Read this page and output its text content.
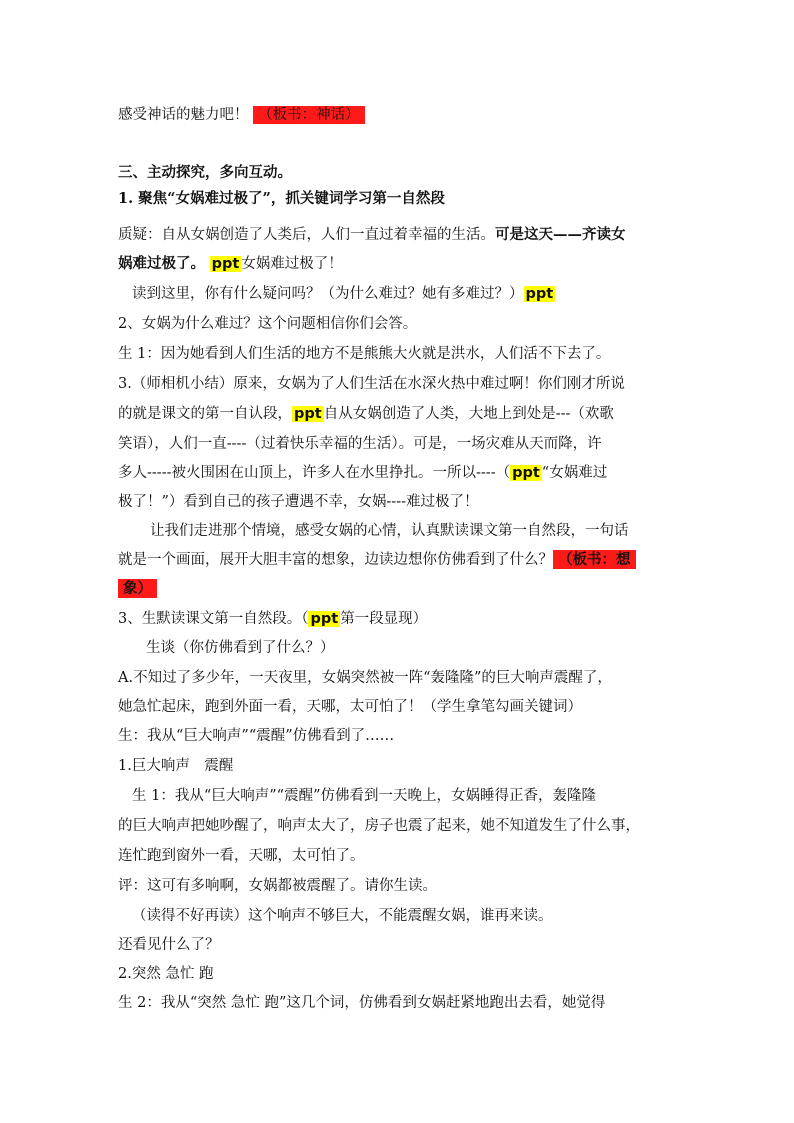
感受神话的魅力吧！ （板书：神话）
三、主动探究，多向互动。
1. 聚焦“女娲难过极了”，抓关键词学习第一自然段
质疑：自从女娲创造了人类后，人们一直过着幸福的生活。可是这天——齐读女
娲难过极了。 ppt 女娲难过极了！
读到这里，你有什么疑问吗？（为什么难过？她有多难过？） ppt
2、女娲为什么难过？这个问题相信你们会答。
生 1：因为她看到人们生活的地方不是熊熊大火就是洪水，人们活不下去了。
3.（师相机小结）原来，女娲为了人们生活在水深火热中难过啊！你们刚才所说
的就是课文的第一自认段， ppt 自从女娲创造了人类，大地上到处是---（欢歌
笑语），人们一直----（过着快乐幸福的生活）。可是，一场灾难从天而降，许
多人-----被火围困在山顶上，许多人在水里挣扎。一所以----（ ppt “女娲难过
极了！”）看到自己的孩子遭遇不幸，女娲----难过极了！
让我们走进那个情境，感受女娲的心情，认真默读课文第一自然段，一句话
就是一个画面，展开大胆丰富的想象，边读边想你仿佛看到了什么？ （板书：想
象）
3、生默读课文第一自然段。（ ppt 第一段显现）
生谈（你仿佛看到了什么？）
A.不知过了多少年，一天夜里，女娲突然被一阵“轰隆隆”的巨大响声震醒了，
她急忙起床，跑到外面一看，天哪，太可怕了！（学生拿笔勾画关键词）
生：我从“巨大响声”“震醒”仿佛看到了……
1.巨大响声　震醒
生 1：我从“巨大响声”“震醒”仿佛看到一天晚上，女娲睡得正香，轰隆隆
的巨大响声把她吵醒了，响声太大了，房子也震了起来，她不知道发生了什么事，
连忙跑到窗外一看，天哪，太可怕了。
评：这可有多响啊，女娲都被震醒了。请你生读。
（读得不好再读）这个响声不够巨大，不能震醒女娲，谁再来读。
还看见什么了？
2.突然 急忙 跑
生 2：我从“突然 急忙 跑”这几个词，仿佛看到女娲赶紧地跑出去看，她觉得
